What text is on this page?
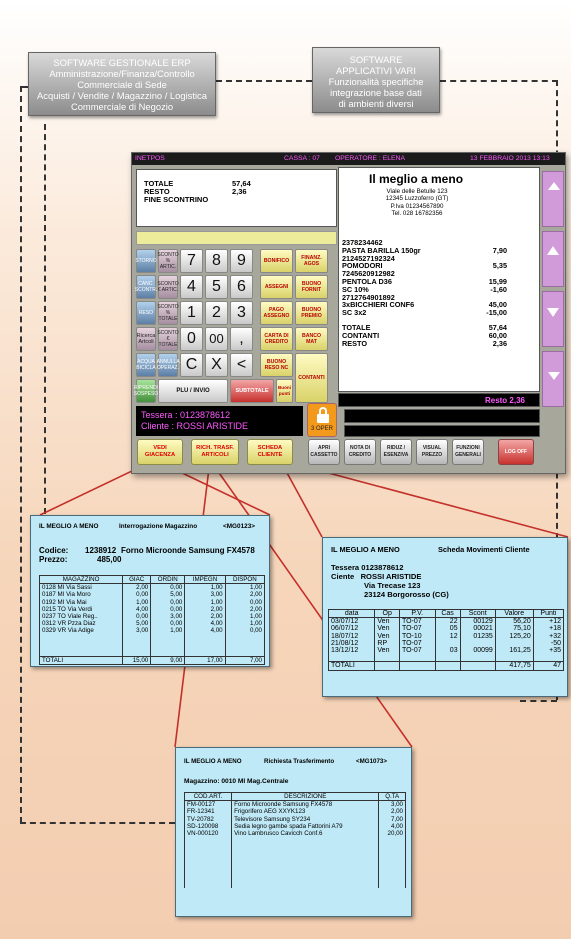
SOFTWARE GESTIONALE ERP
Amministrazione/Finanza/Controllo
Commerciale di Sede
Acquisti / Vendite / Magazzino / Logistica
Commerciale di Negozio
SOFTWARE
APPLICATIVI VARI
Funzionalità specifiche
integrazione base dati
di ambienti diversi
INETPOS	CASSA : 07 OPERATORE : ELENA	13 FEBBRAIO 2013 13:13
TOTALE	57,64
RESTO	2,36
FINE SCONTRINO
STORNO
SCONTO % ARTIC.
CANC. SCONTR.
SCONTO € ARTIC.
RESO
SCONTO % TOTALE
Ricerca Artcoli
SCONTO € TOTALE
ACQUA BICICLA
ANNULLA OPERAZ.
RIPRENDI SOSPESO
7	8	9
4	5	6
1	2	3
0	00 ,
C X <
PLU / INVIO	SUBTOTALE
BONIFICO	FINANZ. AGOS
ASSEGNI	BUONO FORNIT
PAGO ASSEGNO
BUONO PREMIO
CARTA DI CREDITO
BANCO MAT
BUONO RESO NC
CONTANTI
Buoni punti
Il meglio a meno
Viale delle Betulle 123
12345 Luzzoferro (GT)
P.Iva 01234567890
Tel. 028 16782356
2378234462
PASTA BARILLA 150gr	7,90
2124527192324
POMODORI	5,35
7245620912982
PENTOLA D36	15,99
SC 10%	-1,60
2712764901892
3xBICCHIERI CONF6	45,00
SC 3x2	-15,00
TOTALE	57,64
CONTANTI	60,00
RESTO	2,36
Resto 2,36
Tessera : 0123878612
Cliente : ROSSI ARISTIDE	3 OPER
VEDI GIACENZA
RICH. TRASF. ARTICOLI
SCHEDA CLIENTE
APRI CASSETTO
NOTA DI CREDITO
RIDUZ / ESENZIVA
VISUAL PREZZO
FUNZIONI GENERALI
LOG OFF
IL MEGLIO A MENO	Interrogazione Magazzino	<MG0123>
Codice: 1238912 Forno Microonde Samsung FX4578

Prezzo:	485,00
MAGAZZINO	GIAC	ORDIN	IMPEGN	DISPON
0128 MI Via Sassi	2,00	0,00	1,00	1,00
0187 MI Via Moro	0,00	5,00	3,00	2,00
0192 MI Via Mai	1,00	0,00	1,00	0,00
0215 TO Via Verdi	4,00	0,00	2,00	2,00
0237 TO Viale Reg..	0,00	3,00	2,00	1,00
0312 VR Pzza Diaz	5,00	0,00	4,00	1,00
0329 VR Via Adige	3,00	1,00	4,00	0,00

TOTALI	15,00	9,00	17,00	7,00
IL MEGLIO A MENO	Scheda Movimenti Cliente
Tessera 0123878612
Ciente ROSSI ARISTIDE
Via Trecase 123
23124 Borgorosso (CG)
data	Op	P.V.	Cas	Scont	Valore	Punti
03/07/12	Ven	TO-07	22	00129	56,20	+12
06/07/12	Ven	TO-07	05	00021	75,10	+18
18/07/12	Ven	TO-10	12	01235	125,20	+32
21/08/12	RP	TO-07				-50
13/12/12	Ven	TO-07	03	00099	161,25	+35

TOTALI					417,75	47
IL MEGLIO A MENO	Richiesta Trasferimento	<MG1073>
Magazzino: 0010 MI Mag.Centrale
COD.ART.	DESCRIZIONE	Q.TA
FM-00127	Forno Microonde Samsung FX4578	3,00
FR-12341	Frigorifero AEG XXYK123	2,00
TV-20782	Televisore Samsung SY234	7,00
SD-120098	Sedia legno gambe spada Fattorini A79	4,00
VN-000120	Vino Lambrusco Cavicch Conf.6	20,00
